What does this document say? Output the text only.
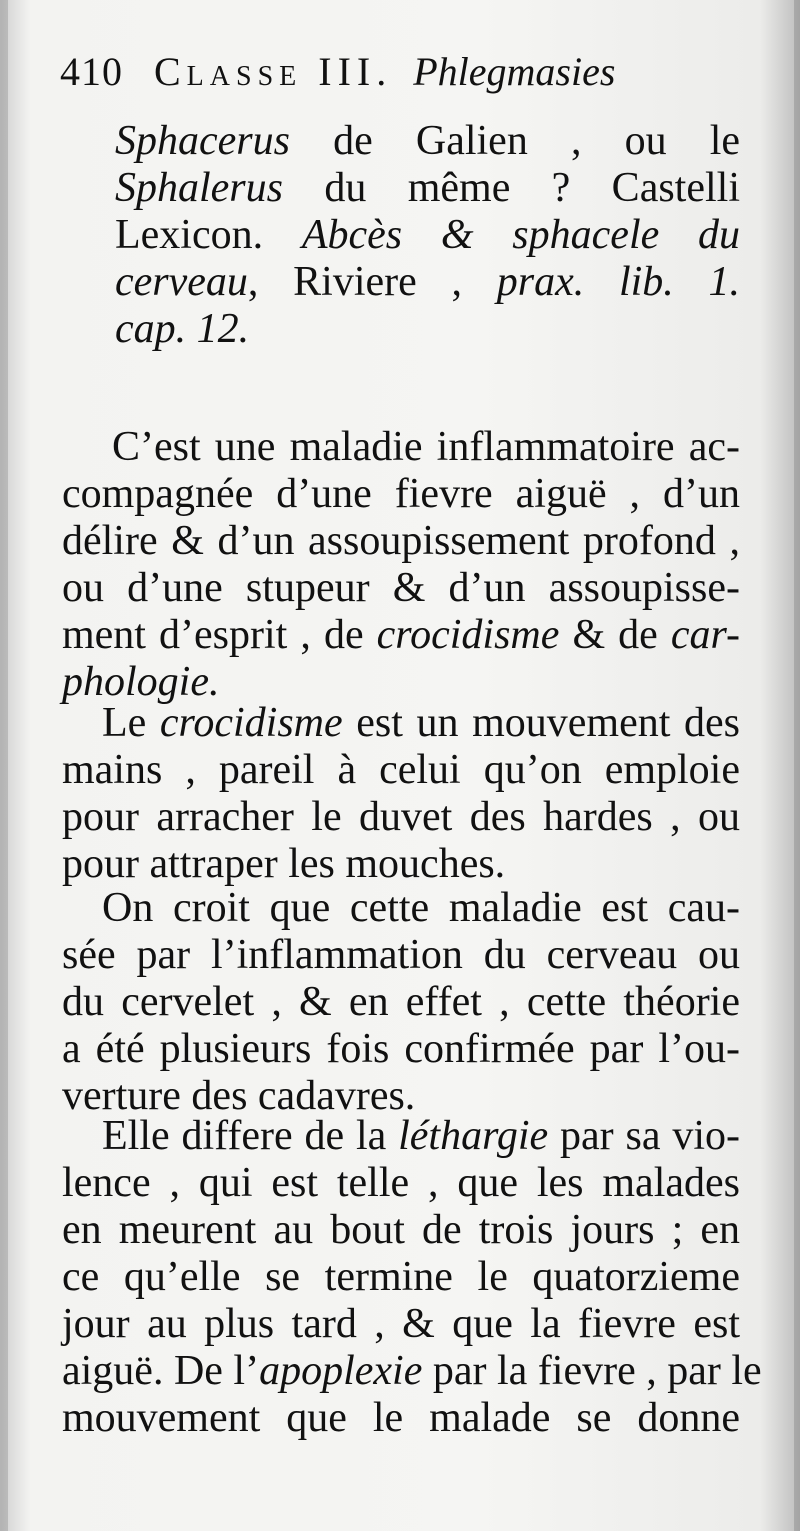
410 Classe III. Phlegmasies
Sphacerus de Galien , ou le
Sphalerus du même ? Castelli
Lexicon. Abcès & sphacele du
cerveau, Riviere , prax. lib. 1.
cap. 12.
C’est une maladie inflammatoire ac-
compagnée d’une fievre aiguë , d’un
délire & d’un assoupissement profond ,
ou d’une stupeur & d’un assoupisse-
ment d’esprit , de crocidisme & de car-
phologie.
Le crocidisme est un mouvement des
mains , pareil à celui qu’on emploie
pour arracher le duvet des hardes , ou
pour attraper les mouches.
On croit que cette maladie est cau-
sée par l’inflammation du cerveau ou
du cervelet , & en effet , cette théorie
a été plusieurs fois confirmée par l’ou-
verture des cadavres.
Elle differe de la léthargie par sa vio-
lence , qui est telle , que les malades
en meurent au bout de trois jours ; en
ce qu’elle se termine le quatorzieme
jour au plus tard , & que la fievre est
aiguë. De l’apoplexie par la fievre , par le
mouvement que le malade se donne
